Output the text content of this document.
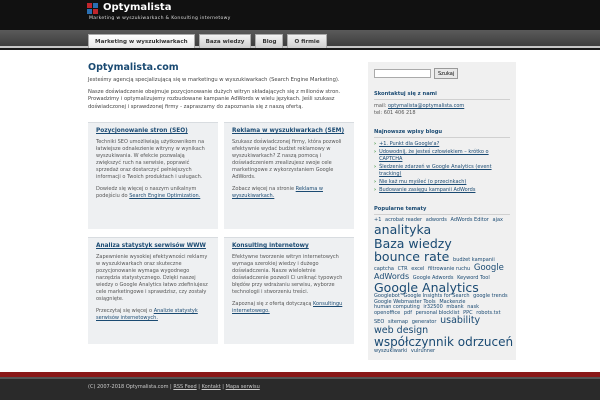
Optymalista
Marketing w wyszukiwarkach & Konsulting internetowy
Marketing w wyszukiwarkach	Baza wiedzy	Blog	O firmie
Optymalista.com

Jesteśmy agencją specjalizującą się w marketingu w wyszukiwarkach (Search Engine Marketing).

Nasze doświadczenie obejmuje pozycjonowanie dużych witryn składających się z milionów stron. Prowadzimy i optymalizujemy rozbudowane kampanie AdWords w wielu językach. Jeśli szukasz doświadczonej i sprawdzonej firmy - zapraszamy do zapoznania się z naszą ofertą.

Pozycjonowanie stron (SEO)

Techniki SEO umożliwiają użytkownikom na łatwiejsze odnalezienie witryny w wynikach wyszukiwania. W efekcie pozwalają zwiększyć ruch na serwisie, poprawić sprzedaż oraz dostarczyć pełniejszych informacji o Twoich produktach i usługach.

Dowiedz się więcej o naszym unikalnym podejściu do Search Engine Optimization.

Reklama w wyszukiwarkach (SEM)

Szukasz doświadczonej firmy, która pozwoli efektywnie wydać budżet reklamowy w wyszukiwarkach? Z naszą pomocą i doświadczeniem zrealizujesz swoje cele marketingowe z wykorzystaniem Google AdWords.

Zobacz więcej na stronie Reklama w wyszukiwarkach.

Analiza statystyk serwisów WWW

Zapewnienie wysokiej efektywności reklamy w wyszukiwarkach oraz skuteczne pozycjonowanie wymaga wygodnego narzędzia statystycznego. Dzięki naszej wiedzy o Google Analytics łatwo zdefiniujesz cele marketingowe i sprawdzisz, czy zostały osiągnięte.

Przeczytaj się więcej o Analizie statystyk serwisów internetowych.

Konsulting internetowy

Efektywne tworzenie witryn internetowych wymaga szerokiej wiedzy i dużego doświadczenia. Nasze wieloletnie doświadczenie pozwoli Ci uniknąć typowych błędów przy wdrażaniu serwisu, wyborze technologii i stworzeniu treści.

Zapoznaj się z ofertą dotyczącą Konsultingu internetowego.

Szukaj
Skontaktuj się z nami
mail: optymalista@optymalista.com
tel: 601 406 218
Najnowsze wpisy blogu
› +1. Punkt dla Google'a?
› Udowodnij, że jesteś człowiekiem – krótko o CAPTCHA
› Śledzenie zdarzeń w Google Analytics (event tracking)
› Nie każ mu myśleć (o przecinkach)
› Budowanie zasięgu kampanii AdWords
Popularne tematy
+1 acrobat reader adwords AdWords Editor ajax analityka Baza wiedzy bounce rate budżet kampanii captcha CTR excel filtrowanie ruchu Google AdWords Google Adwords Keyword Tool Google Analytics Googlebot Google Insights for Search google trends Google Webmaster Tools Mackenzie human computing ir32500 mbank nask openoffice pdf personal blocklist PPC robots.txt SEO sitemap generator usability web design współczynnik odrzuceń wyszukiwarki vulrunner
(C) 2007-2018 Optymalista.com | RSS Feed | Kontakt | Mapa serwisu
